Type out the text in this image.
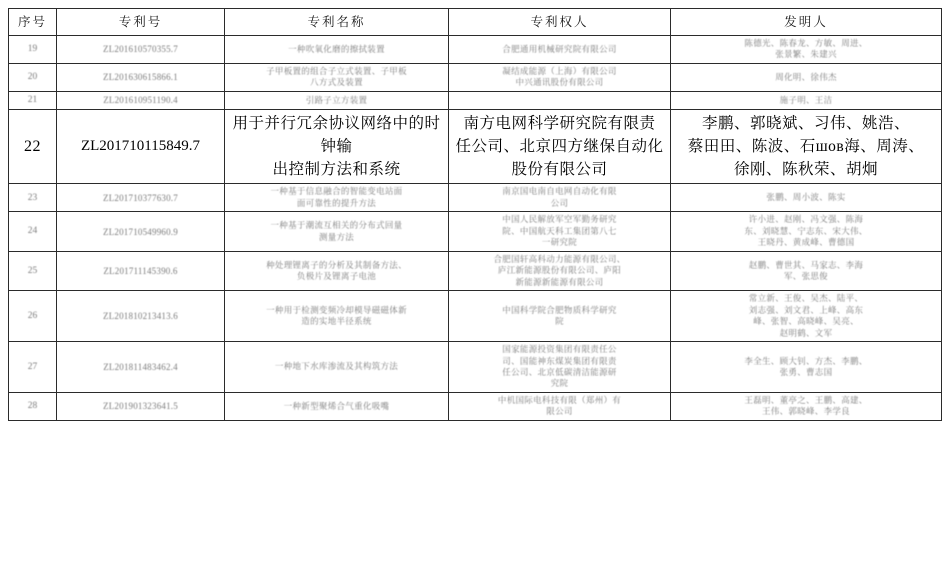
序号	专利号	专利名称	专利权人	发明人
19	ZL201610570355.7	一种吹氧化磨的擦拭装置	合肥通用机械研究院有限公司	陈德光、陈春龙、方敏、周进、
张景繁、朱建兴

20	ZL201630615866.1	子甲板置的组合子立式装置、子甲板
八方式及装置	凝结成能源（上海）有限公司
中兴通讯股份有限公司	周化明、徐伟杰

21	ZL201610951190.4	引路子立方装置		施子明、王洁

22	ZL201710115849.7	用于并行冗余协议网络中的时钟输
出控制方法和系统	南方电网科学研究院有限责
任公司、北京四方继保自动化
股份有限公司	李鹏、郭晓斌、习伟、姚浩、
蔡田田、陈波、石шов海、周涛、
徐刚、陈秋荣、胡炯

23	ZL201710377630.7	一种基于信息融合的智能变电站面
面可靠性的提升方法	南京国电南自电网自动化有限
公司	张鹏、周小波、陈实

24	ZL201710549960.9	一种基于潮流互相关的分布式回量
测量方法	中国人民解放军空军勤务研究
院、中国航天科工集团第八七
一研究院	许小进、赵刚、冯文强、陈海
东、刘晓慧、宁志东、宋大伟、
王晓丹、黄成峰、曹德国

25	ZL201711145390.6	种处理锂离子的分析及其制备方法、
负极片及锂离子电池	合肥国轩高科动力能源有限公司、
庐江新能源股份有限公司、庐阳
新能源新能源有限公司	赵鹏、曹世其、马家志、李海
军、张思俊

26	ZL201810213413.6	一种用于检测变频冷却模导磁磁体新
造的实地半径系统	中国科学院合肥物质科学研究
院	常立新、王俊、吴杰、陆平、
刘志强、刘文君、上峰、高东
峰、张智、高晓峰、吴亮、
赵明鹤、文军

27	ZL201811483462.4	一种地下水库渗流及其构筑方法	国家能源投资集团有限责任公
司、国能神东煤炭集团有限责
任公司、北京低碳清洁能源研
究院	李全生、顾大钊、方杰、李鹏、
张勇、曹志国

28	ZL201901323641.5	一种新型聚烯合气重化吸嘴	中机国际电科技有限（郑州）有
限公司	王磊明、董亭之、王鹏、高建、
王伟、郭晓峰、李学良
